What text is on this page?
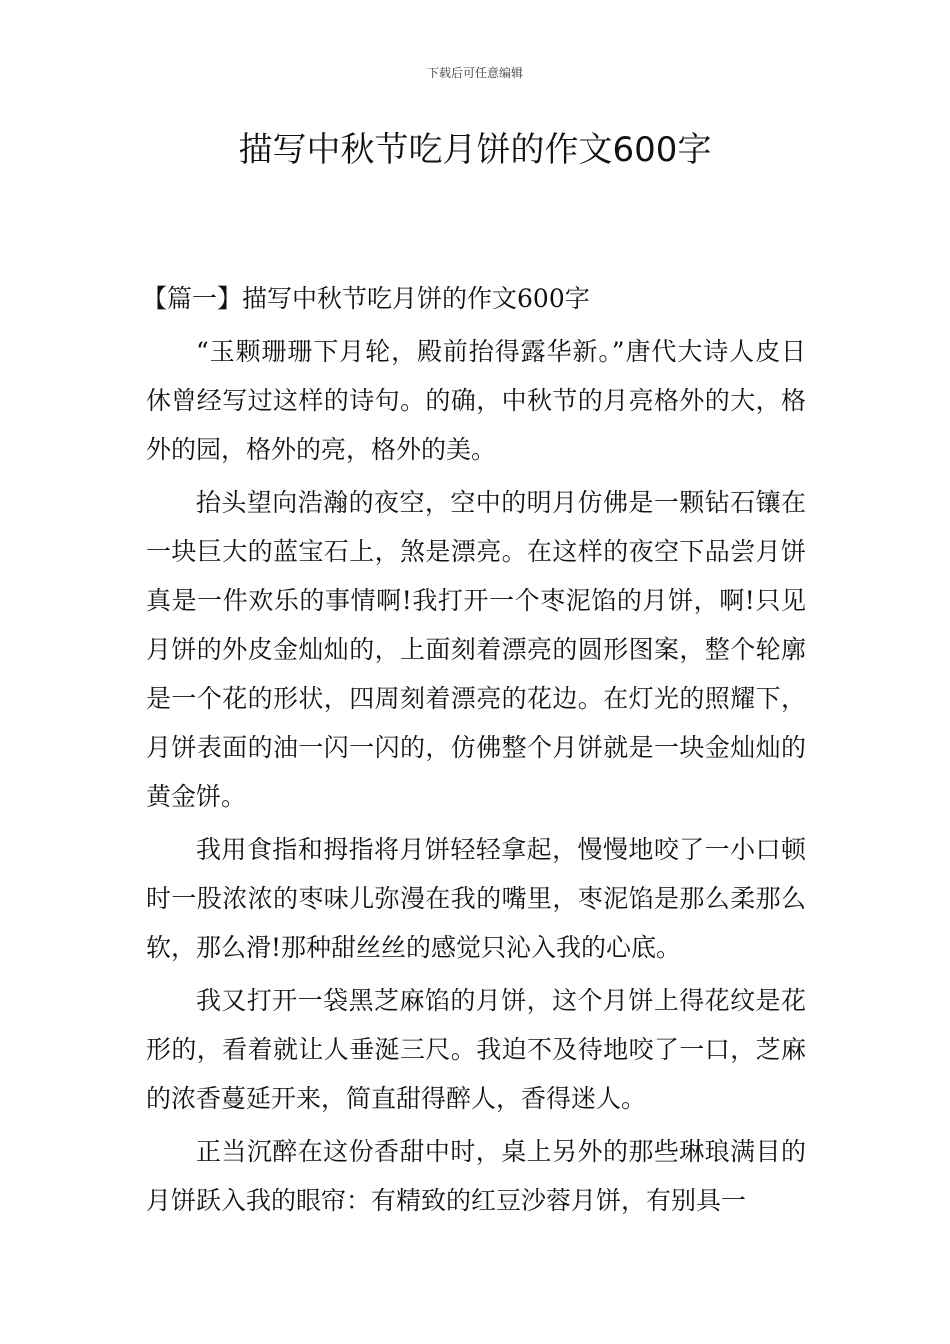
下载后可任意编辑
描写中秋节吃月饼的作文600字

【篇一】描写中秋节吃月饼的作文600字

“玉颗珊珊下月轮，殿前抬得露华新。”唐代大诗人皮日休曾经写过这样的诗句。的确，中秋节的月亮格外的大，格外的园，格外的亮，格外的美。

抬头望向浩瀚的夜空，空中的明月仿佛是一颗钻石镶在一块巨大的蓝宝石上，煞是漂亮。在这样的夜空下品尝月饼真是一件欢乐的事情啊!我打开一个枣泥馅的月饼，啊!只见月饼的外皮金灿灿的，上面刻着漂亮的圆形图案，整个轮廓是一个花的形状，四周刻着漂亮的花边。在灯光的照耀下，月饼表面的油一闪一闪的，仿佛整个月饼就是一块金灿灿的黄金饼。

我用食指和拇指将月饼轻轻拿起，慢慢地咬了一小口顿时一股浓浓的枣味儿弥漫在我的嘴里，枣泥馅是那么柔那么软，那么滑!那种甜丝丝的感觉只沁入我的心底。

我又打开一袋黑芝麻馅的月饼，这个月饼上得花纹是花形的，看着就让人垂涎三尺。我迫不及待地咬了一口，芝麻的浓香蔓延开来，简直甜得醉人，香得迷人。

正当沉醉在这份香甜中时，桌上另外的那些琳琅满目的月饼跃入我的眼帘：有精致的红豆沙蓉月饼，有别具一
